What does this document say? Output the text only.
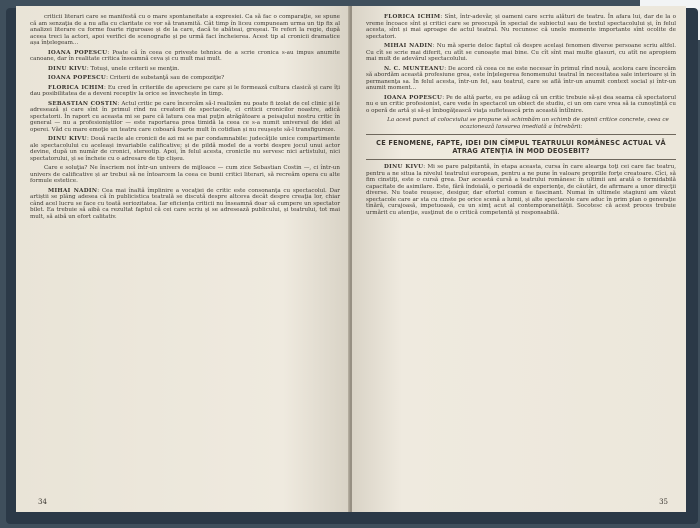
criticii literari care se manifestă cu o mare spontaneitate a expresiei. Ca să fac o comparaţie, se spune că am senzaţia de a nu afla cu claritate ce vor să transmită. Cât timp în liceu compuneam urma un tip fix al analizei literare cu forme foarte riguroase și de la care, dacă te abăteai, greșeai. Te referi la regie, după aceea treci la actori, apoi verifici de scenografie și pe urmă faci încheierea. Acest tip al cronicii dramatice așa înțelegeam...

IOANA POPESCU: Poate că în ceea ce privește tehnica de a scrie cronica s-au impus anumite canoane, dar în realitate critica înseamnă ceva și cu mult mai mult.

DINU KIVU: Totuși, unele criterii se menţin.

IOANA POPESCU: Criterii de substanţă sau de compoziţie?

FLORICA ICHIM: Eu cred în criteriile de apreciere pe care și le formează cultura clasică și care îți dau posibilitatea de a deveni receptiv la orice se învechește în timp.

SEBASTIAN COSTIN: Actul critic pe care încercăm să-l realizăm nu poate fi izolat de cel clinic și le adresează și care sînt în primul rînd nu creatorii de spectacole, ci criticii cronicilor noastre, adică spectatorii. În raport cu aceasta mi se pare că latura cea mai puţin atrăgătoare a peisajului nostru critic în general — nu a profesioniștilor — este raportarea prea timidă la ceea ce s-a numit universul de idei al operei. Văd cu mare emoţie un teatru care coboară foarte mult în cotidian și nu reușește să-l transfigureze.

DINU KIVU: Două racile ale cronicii de azi mi se par condamnabile: judecăţile unice compartimente ale spectacolului cu aceleași invariabile calificative; și de pildă model de a vorbi despre jocul unui actor devine, după un număr de cronici, stereotip. Apoi, în felul acesta, cronicile nu servesc nici artistului, nici spectatorului, și se încheie cu o adresare de tip clișeu.

Care e soluţia? Ne înscriem noi într-un univers de mijloace — cum zice Sebastian Costin —, ci într-un univers de calificative și ar trebui să ne întoarcem la ceea ce bunii critici literari, să recreăm opera cu alte formule estetice.

MIHAI NADIN: Cea mai înaltă împlinire a vocaţiei de critic este consonanţa cu spectacolul. Dar artiștii se plâng adesea că în publicistica teatrală se discută despre altceva decât despre creaţia lor, chiar când acel lucru se face cu toată seriozitatea. Iar eficiența criticii nu înseamnă doar să cumpere un spectator bilet. Ea trebuie să aibă ca rezultat faptul că cei care scriu și se adresează publicului, și teatrului, tot mai mult, să aibă un efort calitativ.

34

FLORICA ICHIM: Sînt, într-adevăr, și oameni care scriu alături de teatru. În afara lui, dar de la o vreme încoace sînt și critici care se preocupă în special de subiectul sau de textul spectacolului și, în felul acesta, sînt și mai aproape de actul teatral. Nu recunosc că unele momente importante sînt ocolite de spectatori.

MIHAI NADIN: Nu mă sperie deloc faptul că despre același fenomen diverse persoane scriu altfel. Cu cît se scrie mai diferit, cu atît se cunoaște mai bine. Cu cît sînt mai multe glasuri, cu atît ne apropiem mai mult de adevărul spectacolului.

N. C. MUNTEANU: De acord că ceea ce ne este necesar în primul rînd nouă, acelora care încercăm să abordăm această profesiune grea, este înţelegerea fenomenului teatral în necesitatea sale interioare și în permanenţa sa. În felul acesta, într-un fel, sau teatrul, care se află într-un anumit context social și într-un anumit moment...

IOANA POPESCU: Pe de altă parte, eu pe adăug că un critic trebuie să-și dea seama că spectatorul nu e un critic profesionist, care vede în spectacol un obiect de studiu, ci un om care vrea să ia cunoștință cu o operă de artă și să-și îmbogăţească viaţa sufletească prin această întîlnire.

La acest punct al colocviului se propune să schimbăm un schimb de opinii critice concrete, ceea ce ocazionează lansarea imediată a întrebării:

CE FENOMENE, FAPTE, IDEI DIN CÎMPUL TEATRULUI ROMÂNESC ACTUAL VĂ ATRAG ATENŢIA ÎN MOD DEOSEBIT?

DINU KIVU: Mi se pare palpitantă, în etapa aceasta, cursa în care alearga toţi cei care fac teatru, pentru a ne situa la nivelul teatrului european, pentru a ne pune în valoare propriile forţe creatoare. Cîci, să fim cinstiţi, este o cursă grea. Dar această cursă a teatrului românesc în ultimii ani arată o formidabilă capacitate de asimilare. Este, fără îndoială, o perioadă de experienţe, de căutări, de afirmare a unor direcţii diverse. Nu toate reușesc, desigur, dar efortul comun e fascinant. Numai în ultimele stagiuni am văzut spectacole care ar sta cu cinste pe orice scenă a lumii, și alte spectacole care aduc în prim plan o generaţie tînără, curajoasă, impetuoasă, cu un simţ acut al contemporaneităţii. Socotesc că acest proces trebuie urmărit cu atenţie, susţinut de o critică competentă și responsabilă.

35
